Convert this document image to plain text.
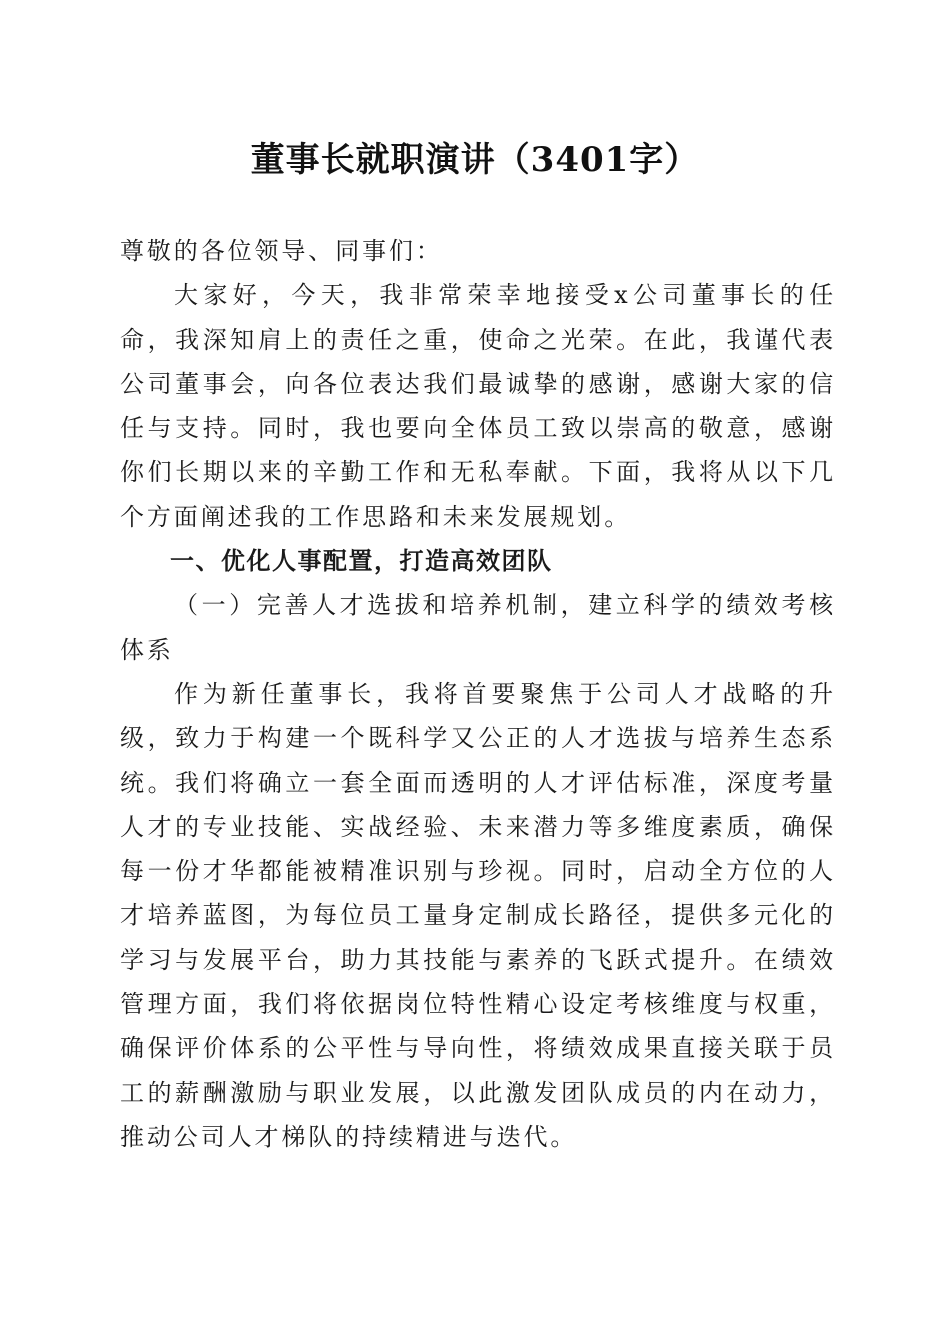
董事长就职演讲（3401字）

尊敬的各位领导、同事们：

大家好，今天，我非常荣幸地接受x公司董事长的任命，我深知肩上的责任之重，使命之光荣。在此，我谨代表公司董事会，向各位表达我们最诚挚的感谢，感谢大家的信任与支持。同时，我也要向全体员工致以崇高的敬意，感谢你们长期以来的辛勤工作和无私奉献。下面，我将从以下几个方面阐述我的工作思路和未来发展规划。

一、优化人事配置，打造高效团队

（一）完善人才选拔和培养机制，建立科学的绩效考核体系

作为新任董事长，我将首要聚焦于公司人才战略的升级，致力于构建一个既科学又公正的人才选拔与培养生态系统。我们将确立一套全面而透明的人才评估标准，深度考量人才的专业技能、实战经验、未来潜力等多维度素质，确保每一份才华都能被精准识别与珍视。同时，启动全方位的人才培养蓝图，为每位员工量身定制成长路径，提供多元化的学习与发展平台，助力其技能与素养的飞跃式提升。在绩效管理方面，我们将依据岗位特性精心设定考核维度与权重，确保评价体系的公平性与导向性，将绩效成果直接关联于员工的薪酬激励与职业发展，以此激发团队成员的内在动力，推动公司人才梯队的持续精进与迭代。
